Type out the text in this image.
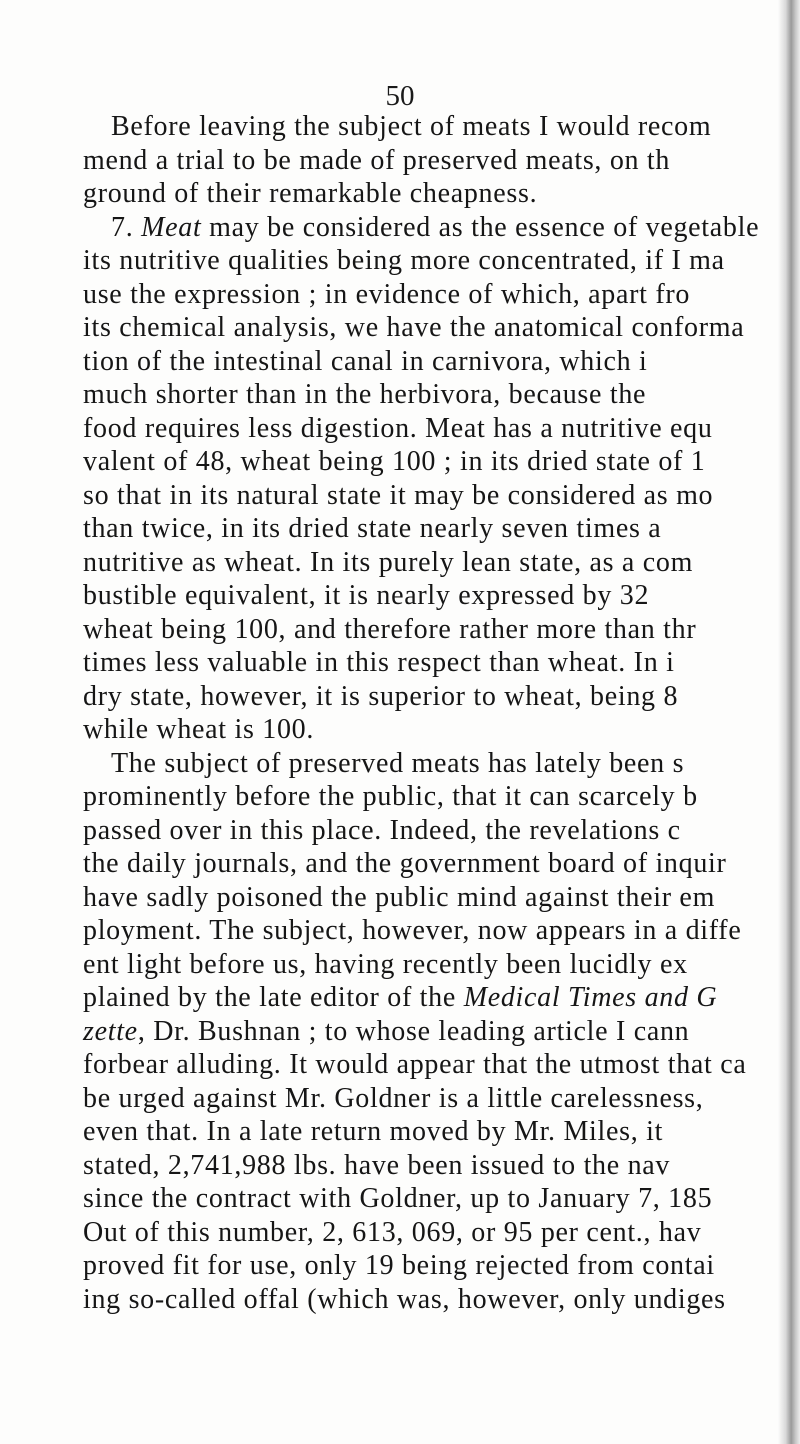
50
Before leaving the subject of meats I would recom
mend a trial to be made of preserved meats, on th
ground of their remarkable cheapness.
7. Meat may be considered as the essence of vegetable
its nutritive qualities being more concentrated, if I ma
use the expression ; in evidence of which, apart fro
its chemical analysis, we have the anatomical conforma
tion of the intestinal canal in carnivora, which i
much shorter than in the herbivora, because the
food requires less digestion. Meat has a nutritive equ
valent of 48, wheat being 100 ; in its dried state of 1
so that in its natural state it may be considered as mo
than twice, in its dried state nearly seven times a
nutritive as wheat. In its purely lean state, as a com
bustible equivalent, it is nearly expressed by 32
wheat being 100, and therefore rather more than thr
times less valuable in this respect than wheat. In i
dry state, however, it is superior to wheat, being 8
while wheat is 100.
The subject of preserved meats has lately been s
prominently before the public, that it can scarcely b
passed over in this place. Indeed, the revelations c
the daily journals, and the government board of inquir
have sadly poisoned the public mind against their em
ployment. The subject, however, now appears in a diffe
ent light before us, having recently been lucidly ex
plained by the late editor of the Medical Times and G
zette, Dr. Bushnan ; to whose leading article I cann
forbear alluding. It would appear that the utmost that ca
be urged against Mr. Goldner is a little carelessness,
even that. In a late return moved by Mr. Miles, it
stated, 2,741,988 lbs. have been issued to the nav
since the contract with Goldner, up to January 7, 185
Out of this number, 2, 613, 069, or 95 per cent., hav
proved fit for use, only 19 being rejected from contai
ing so-called offal (which was, however, only undiges
